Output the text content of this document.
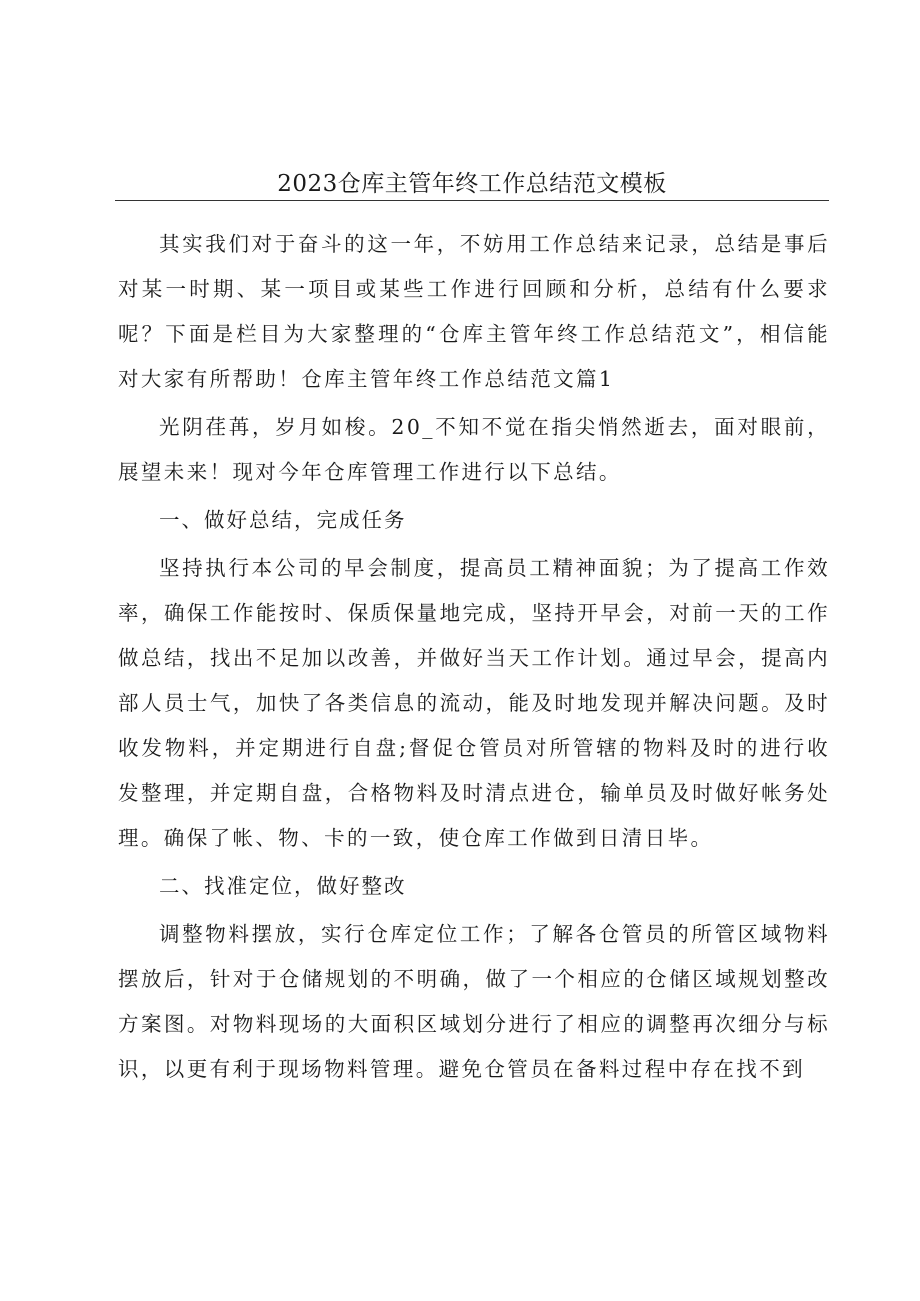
2023仓库主管年终工作总结范文模板

其实我们对于奋斗的这一年，不妨用工作总结来记录，总结是事后对某一时期、某一项目或某些工作进行回顾和分析，总结有什么要求呢？下面是栏目为大家整理的“仓库主管年终工作总结范文”，相信能对大家有所帮助！仓库主管年终工作总结范文篇1

光阴荏苒，岁月如梭。20_不知不觉在指尖悄然逝去，面对眼前，展望未来！现对今年仓库管理工作进行以下总结。

一、做好总结，完成任务

坚持执行本公司的早会制度，提高员工精神面貌；为了提高工作效率，确保工作能按时、保质保量地完成，坚持开早会，对前一天的工作做总结，找出不足加以改善，并做好当天工作计划。通过早会，提高内部人员士气，加快了各类信息的流动，能及时地发现并解决问题。及时收发物料，并定期进行自盘;督促仓管员对所管辖的物料及时的进行收发整理，并定期自盘，合格物料及时清点进仓，输单员及时做好帐务处理。确保了帐、物、卡的一致，使仓库工作做到日清日毕。

二、找准定位，做好整改

调整物料摆放，实行仓库定位工作；了解各仓管员的所管区域物料摆放后，针对于仓储规划的不明确，做了一个相应的仓储区域规划整改方案图。对物料现场的大面积区域划分进行了相应的调整再次细分与标识，以更有利于现场物料管理。避免仓管员在备料过程中存在找不到
